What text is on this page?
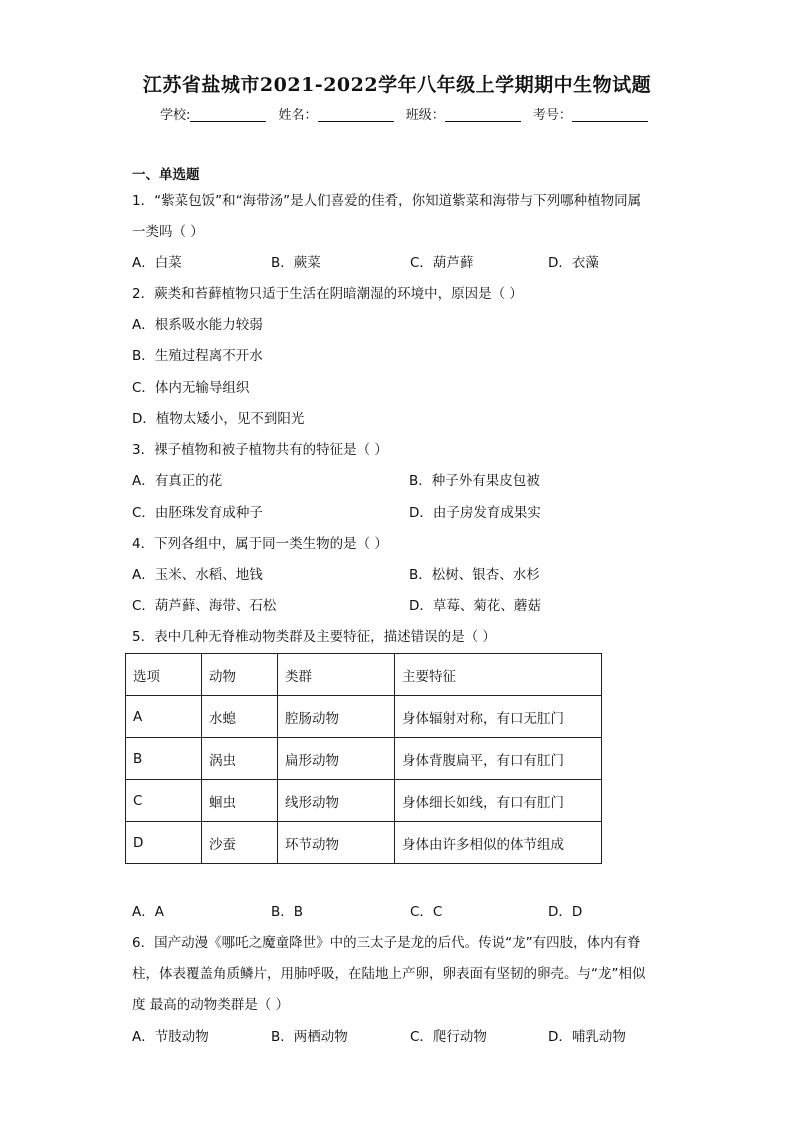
江苏省盐城市2021-2022学年八年级上学期期中生物试题
学校:	姓名：	班级：	考号：
一、单选题
1．“紫菜包饭”和“海带汤”是人们喜爱的佳肴，你知道紫菜和海带与下列哪种植物同属
一类吗（ ）
A．白菜	B．蕨菜	C．葫芦藓	D．衣藻
2．蕨类和苔藓植物只适于生活在阴暗潮湿的环境中，原因是（ ）
A．根系吸水能力较弱
B．生殖过程离不开水
C．体内无输导组织
D．植物太矮小，见不到阳光
3．裸子植物和被子植物共有的特征是（ ）
A．有真正的花	B．种子外有果皮包被
C．由胚珠发育成种子	D．由子房发育成果实
4．下列各组中，属于同一类生物的是（ ）
A．玉米、水稻、地钱	B．松树、银杏、水杉
C．葫芦藓、海带、石松	D．草莓、菊花、蘑菇
5．表中几种无脊椎动物类群及主要特征，描述错误的是（ ）
选项	动物	类群	主要特征
A	水螅	腔肠动物	身体辐射对称，有口无肛门
B	涡虫	扁形动物	身体背腹扁平，有口有肛门
C	蛔虫	线形动物	身体细长如线，有口有肛门
D	沙蚕	环节动物	身体由许多相似的体节组成
A．A	B．B	C．C	D．D
6．国产动漫《哪吒之魔童降世》中的三太子是龙的后代。传说“龙”有四肢，体内有脊
柱，体表覆盖角质鳞片，用肺呼吸，在陆地上产卵，卵表面有坚韧的卵壳。与“龙”相似
度 最高的动物类群是（ ）
A．节肢动物	B．两栖动物	C．爬行动物	D．哺乳动物
